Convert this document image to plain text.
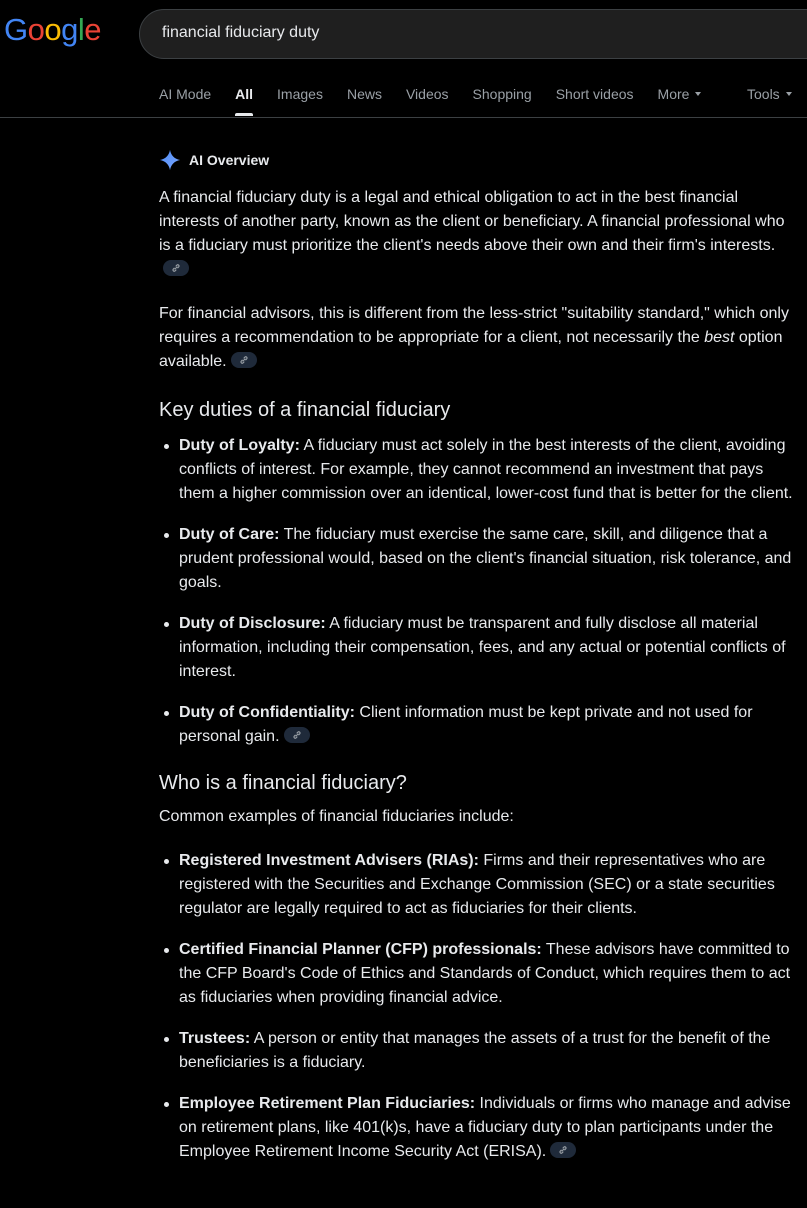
Google
financial fiduciary duty
AI Mode All Images News Videos Shopping Short videos More	Tools
AI Overview

A financial fiduciary duty is a legal and ethical obligation to act in the best financial interests of another party, known as the client or beneficiary. A financial professional who is a fiduciary must prioritize the client's needs above their own and their firm's interests.

For financial advisors, this is different from the less-strict "suitability standard," which only requires a recommendation to be appropriate for a client, not necessarily the best option available.

Key duties of a financial fiduciary
Duty of Loyalty: A fiduciary must act solely in the best interests of the client, avoiding conflicts of interest. For example, they cannot recommend an investment that pays them a higher commission over an identical, lower-cost fund that is better for the client.
Duty of Care: The fiduciary must exercise the same care, skill, and diligence that a prudent professional would, based on the client's financial situation, risk tolerance, and goals.
Duty of Disclosure: A fiduciary must be transparent and fully disclose all material information, including their compensation, fees, and any actual or potential conflicts of interest.
Duty of Confidentiality: Client information must be kept private and not used for personal gain.
Who is a financial fiduciary?

Common examples of financial fiduciaries include:

Registered Investment Advisers (RIAs): Firms and their representatives who are registered with the Securities and Exchange Commission (SEC) or a state securities regulator are legally required to act as fiduciaries for their clients.
Certified Financial Planner (CFP) professionals: These advisors have committed to the CFP Board's Code of Ethics and Standards of Conduct, which requires them to act as fiduciaries when providing financial advice.
Trustees: A person or entity that manages the assets of a trust for the benefit of the beneficiaries is a fiduciary.
Employee Retirement Plan Fiduciaries: Individuals or firms who manage and advise on retirement plans, like 401(k)s, have a fiduciary duty to plan participants under the Employee Retirement Income Security Act (ERISA).
